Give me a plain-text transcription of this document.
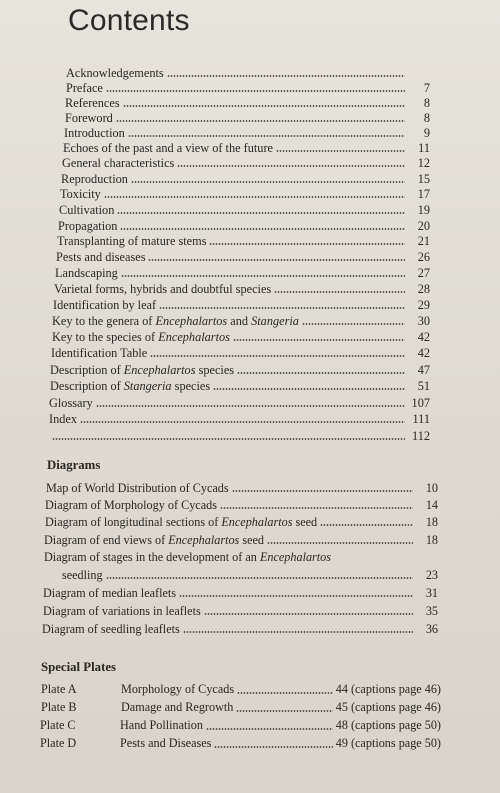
Contents
Acknowledgements
Preface	7
References	8
Foreword	8
Introduction	9
Echoes of the past and a view of the future	11
General characteristics	12
Reproduction	15
Toxicity	17
Cultivation	19
Propagation	20
Transplanting of mature stems	21
Pests and diseases	26
Landscaping	27
Varietal forms, hybrids and doubtful species	28
Identification by leaf	29
Key to the genera of Encephalartos and Stangeria	30
Key to the species of Encephalartos	42
Identification Table	42
Description of Encephalartos species	47
Description of Stangeria species	51
Glossary	107
Index	111
112
Diagrams
Map of World Distribution of Cycads	10
Diagram of Morphology of Cycads	14
Diagram of longitudinal sections of Encephalartos seed	18
Diagram of end views of Encephalartos seed	18
Diagram of stages in the development of an Encephalartos
seedling	23
Diagram of median leaflets	31
Diagram of variations in leaflets	35
Diagram of seedling leaflets	36
Special Plates
Plate A	Morphology of Cycads	44 (captions page 46)
Plate B	Damage and Regrowth	45 (captions page 46)
Plate C	Hand Pollination	48 (captions page 50)
Plate D	Pests and Diseases	49 (captions page 50)
